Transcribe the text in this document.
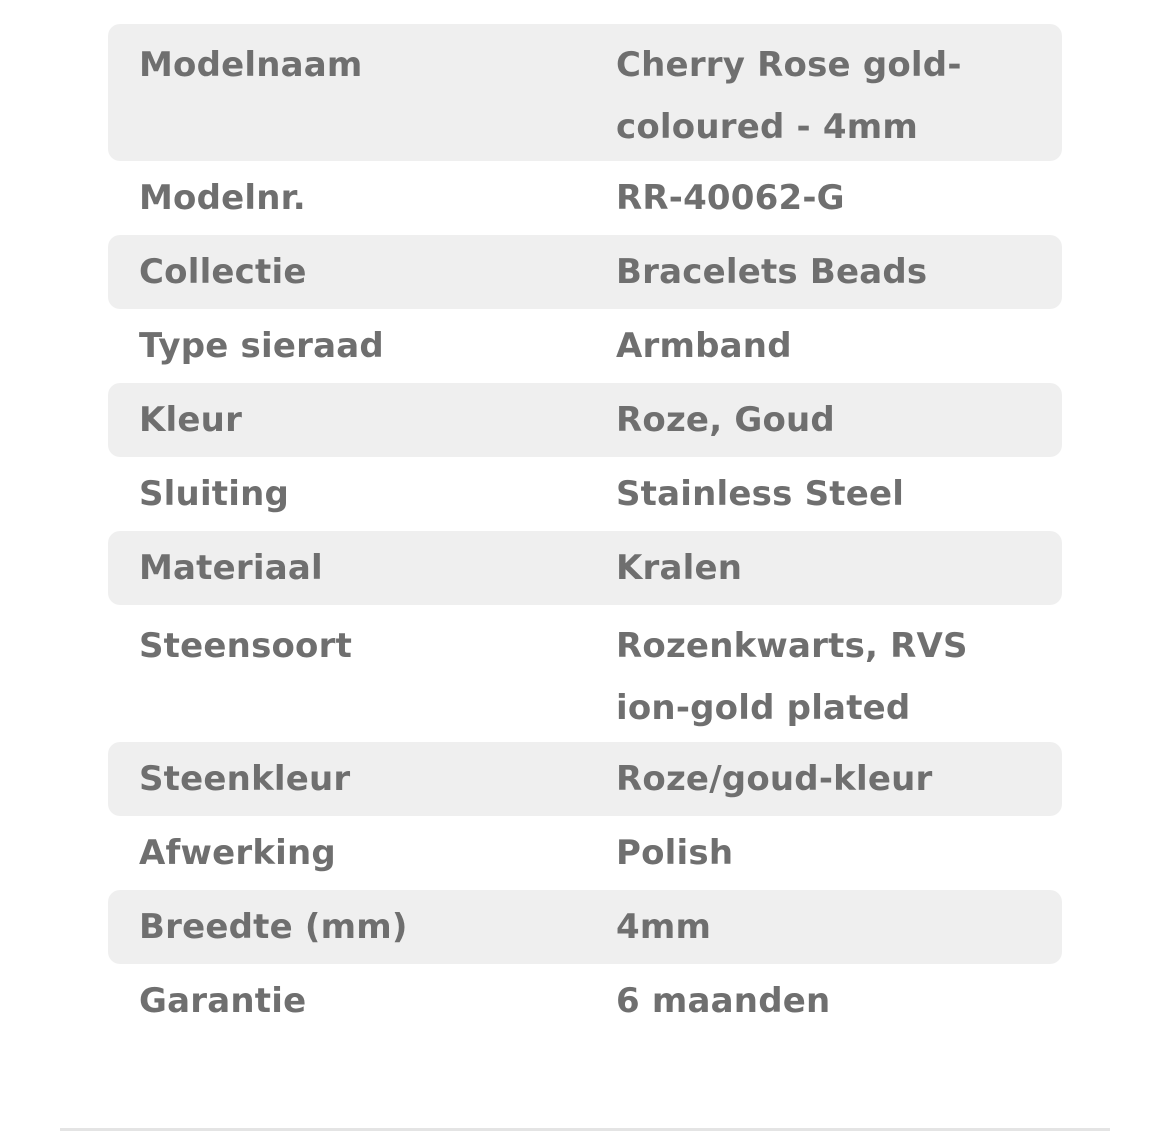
Modelnaam	Cherry Rose gold-coloured - 4mm
Modelnr.	RR-40062-G
Collectie	Bracelets Beads
Type sieraad	Armband
Kleur	Roze, Goud
Sluiting	Stainless Steel
Materiaal	Kralen
Steensoort	Rozenkwarts, RVS ion-gold plated
Steenkleur	Roze/goud-kleur
Afwerking	Polish
Breedte (mm)	4mm
Garantie	6 maanden
